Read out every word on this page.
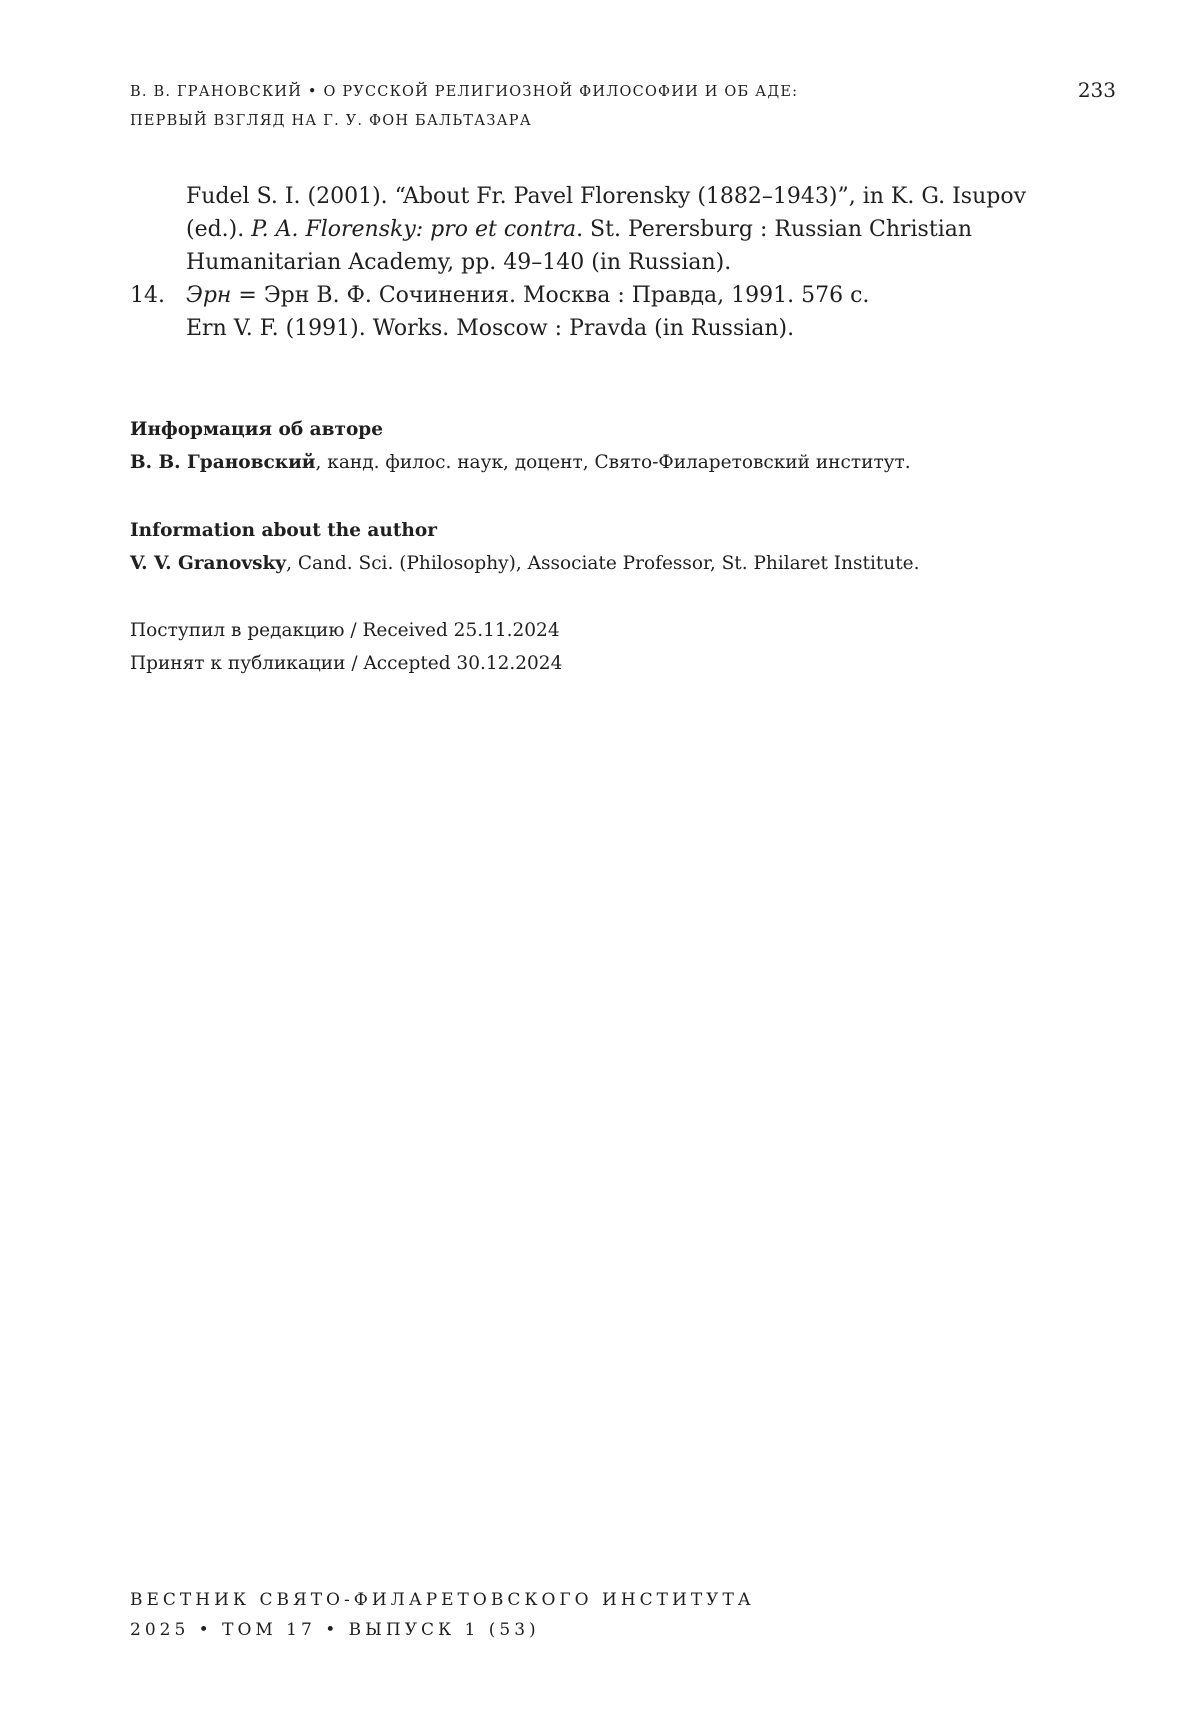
В. В. ГРАНОВСКИЙ • О РУССКОЙ РЕЛИГИОЗНОЙ ФИЛОСОФИИ И ОБ АДЕ:
ПЕРВЫЙ ВЗГЛЯД НА Г. У. ФОН БАЛЬТАЗАРА
233
Fudel S. I. (2001). “About Fr. Pavel Florensky (1882–1943)”, in K. G. Isupov
(ed.). P. A. Florensky: pro et contra. St. Perersburg : Russian Christian
Humanitarian Academy, pp. 49–140 (in Russian).
14. Эрн = Эрн В. Ф. Сочинения. Москва : Правда, 1991. 576 с.
Ern V. F. (1991). Works. Moscow : Pravda (in Russian).
Информация об авторе
В. В. Грановский, канд. филос. наук, доцент, Свято-Филаретовский институт.
Information about the author
V. V. Granovsky, Cand. Sci. (Philosophy), Associate Professor, St. Philaret Institute.
Поступил в редакцию / Received 25.11.2024
Принят к публикации / Accepted 30.12.2024
ВЕСТНИК СВЯТО-ФИЛАРЕТОВСКОГО ИНСТИТУТА
2025 • ТОМ 17 • ВЫПУСК 1 (53)
